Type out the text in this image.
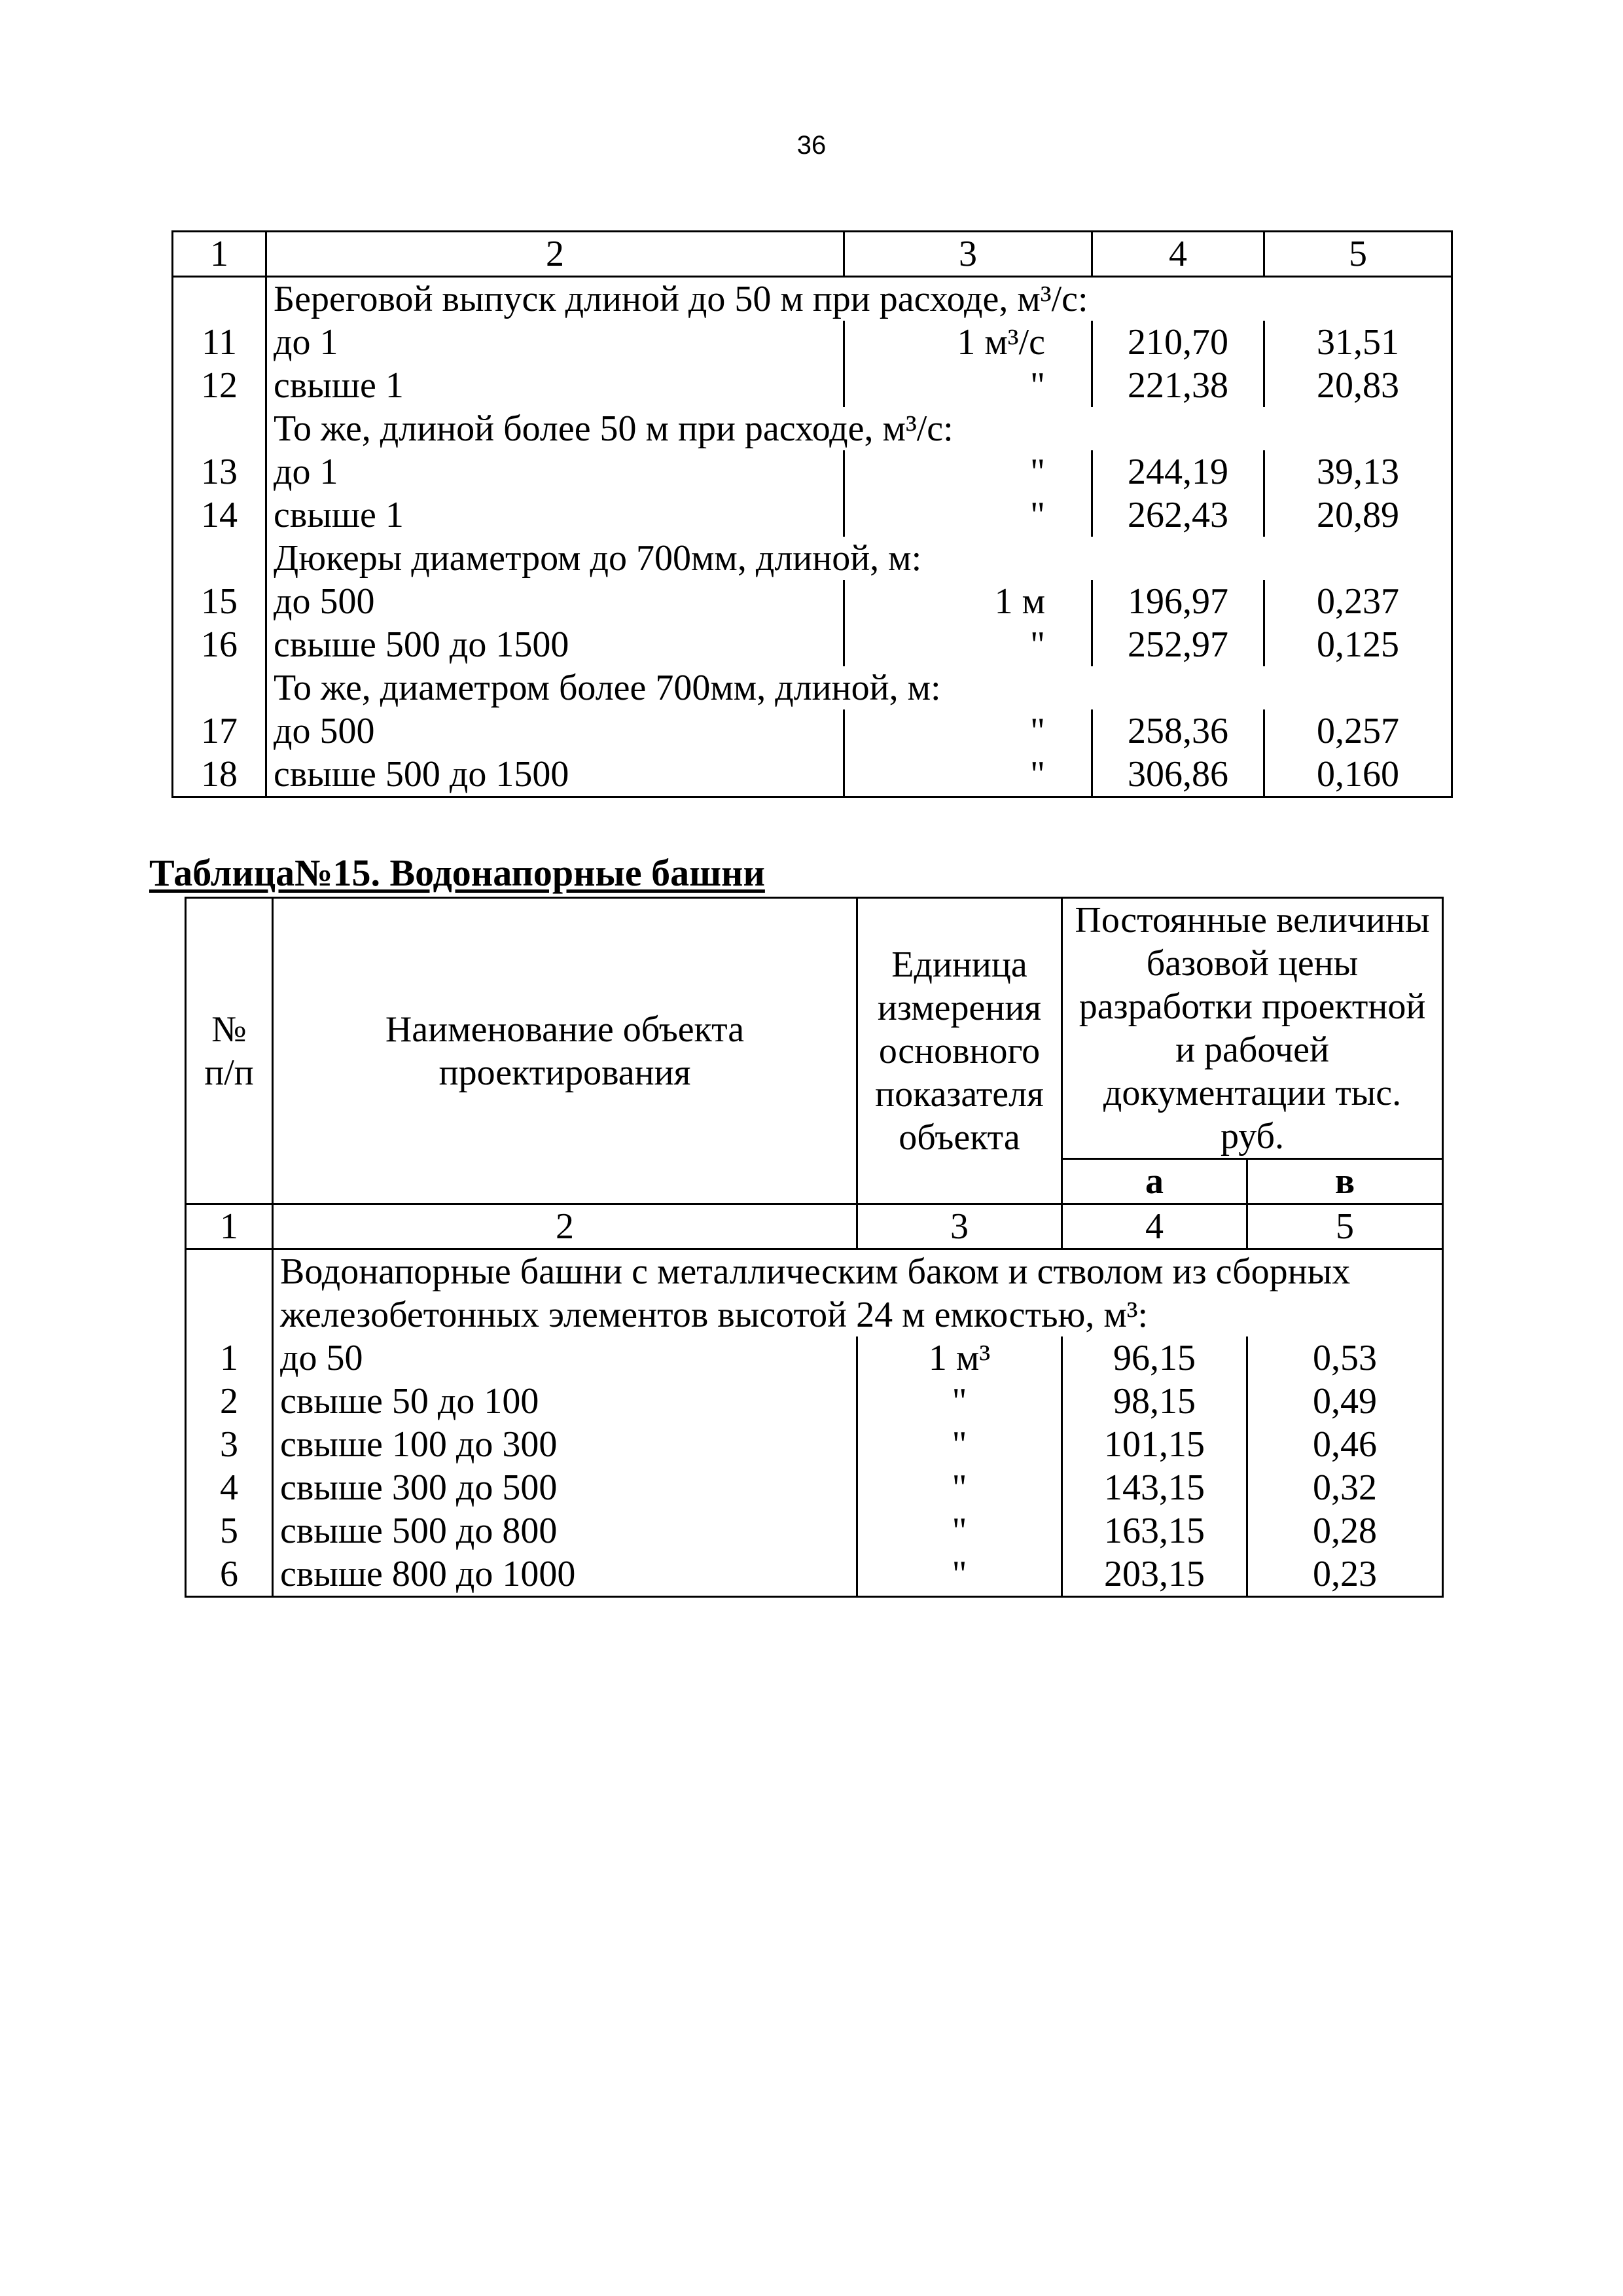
36
1	2	3	4	5
	Береговой выпуск длиной до 50 м при расходе, м³/с:			
11	до 1	1 м³/с	210,70	31,51
12	свыше 1	"	221,38	20,83
	То же, длиной более 50 м при расходе, м³/с:			
13	до 1	"	244,19	39,13
14	свыше 1	"	262,43	20,89
	Дюкеры диаметром до 700мм, длиной, м:			
15	до 500	1 м	196,97	0,237
16	свыше 500 до 1500	"	252,97	0,125
	То же, диаметром более 700мм, длиной, м:			
17	до 500	"	258,36	0,257
18	свыше 500 до 1500	"	306,86	0,160
Таблица№15. Водонапорные башни
№ п/п	Наименование объекта проектирования	Единица измерения основного показателя объекта	Постоянные величины базовой цены разработки проектной и рабочей документации тыс. руб.	
			а	в
1	2	3	4	5
	Водонапорные башни с металлическим баком и стволом из сборных железобетонных элементов высотой 24 м емкостью, м³:			
1	до 50	1 м³	96,15	0,53
2	свыше 50 до 100	"	98,15	0,49
3	свыше 100 до 300	"	101,15	0,46
4	свыше 300 до 500	"	143,15	0,32
5	свыше 500 до 800	"	163,15	0,28
6	свыше 800 до 1000	"	203,15	0,23
